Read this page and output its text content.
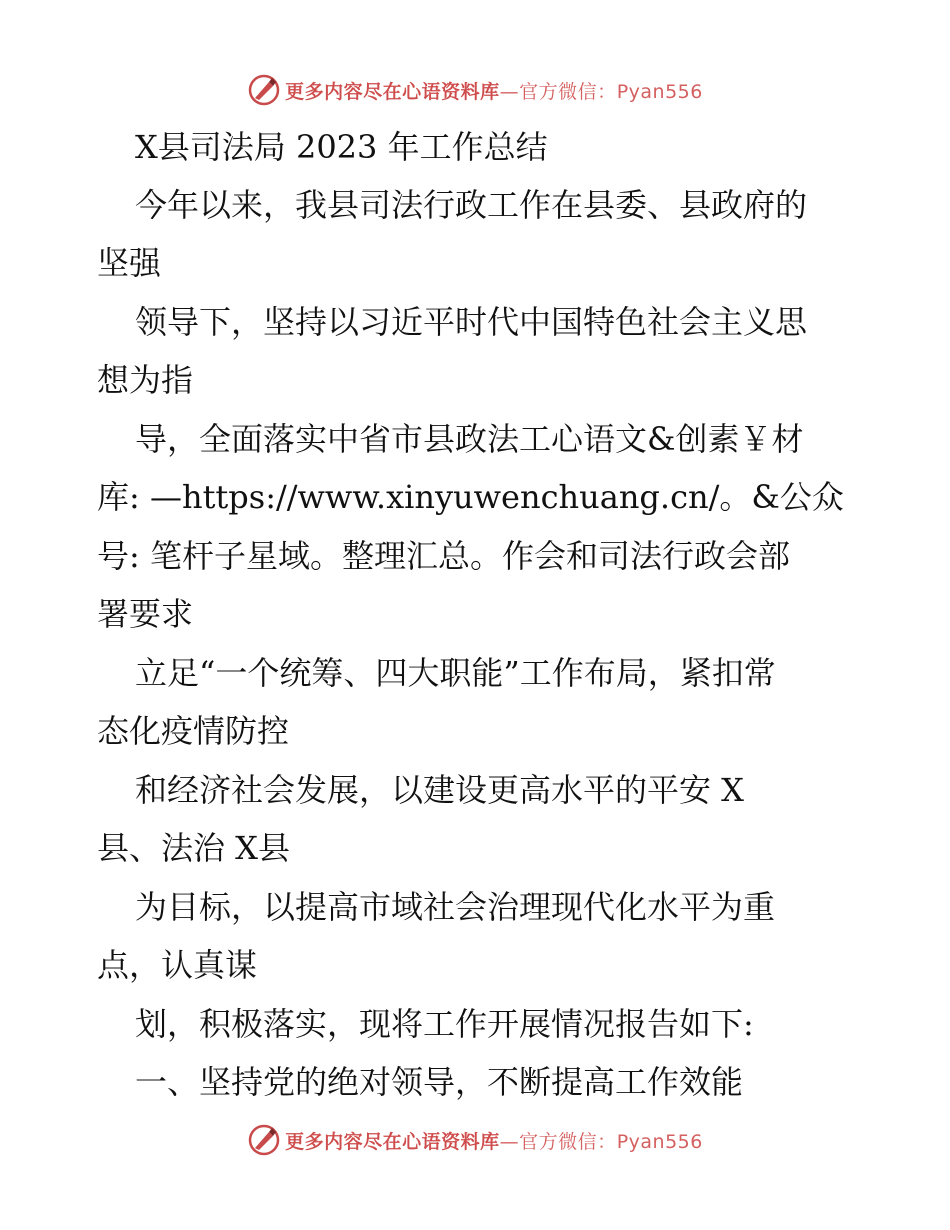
更多内容尽在心语资料库—官方微信：Pyan556
X县司法局 2023 年工作总结
今年以来，我县司法行政工作在县委、县政府的
坚强
领导下，坚持以习近平时代中国特色社会主义思
想为指
导，全面落实中省市县政法工心语文&创素￥材
库: —https://www.xinyuwenchuang.cn/。&公众
号: 笔杆子星域。整理汇总。作会和司法行政会部
署要求
立足“一个统筹、四大职能”工作布局，紧扣常
态化疫情防控
和经济社会发展，以建设更高水平的平安 X
县、法治 X县
为目标，以提高市域社会治理现代化水平为重
点，认真谋
划，积极落实，现将工作开展情况报告如下:
一、坚持党的绝对领导，不断提高工作效能
更多内容尽在心语资料库—官方微信：Pyan556
